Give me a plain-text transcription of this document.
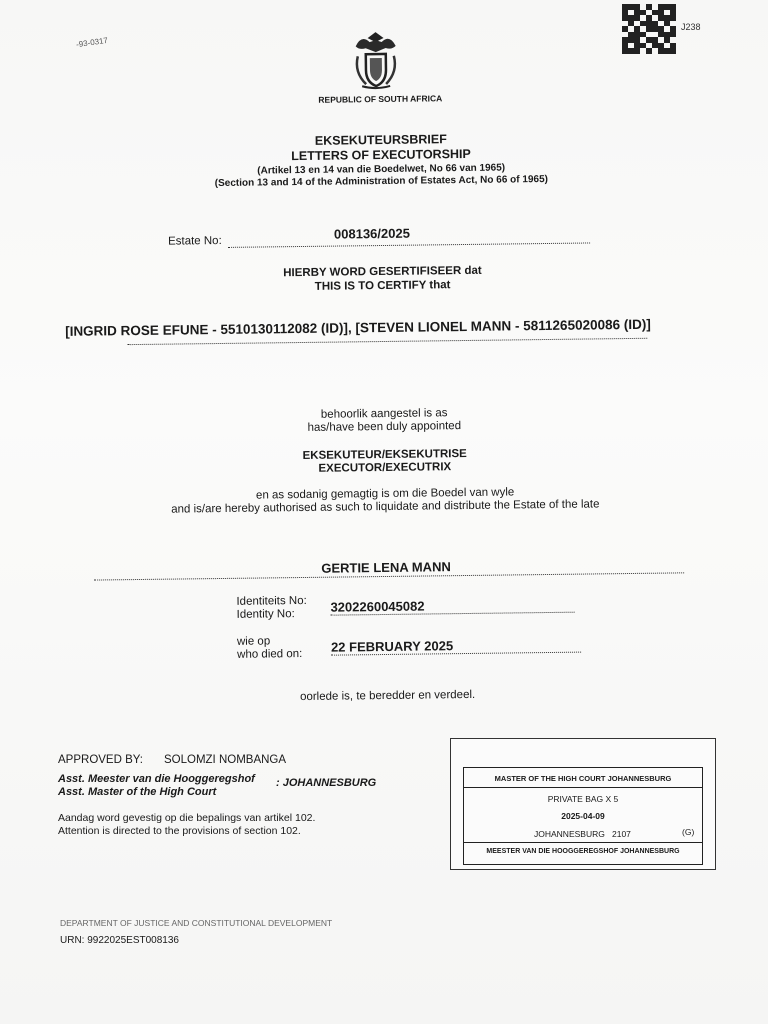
-93-0317
J238
REPUBLIC OF SOUTH AFRICA
EKSEKUTEURSBRIEF
LETTERS OF EXECUTORSHIP
(Artikel 13 en 14 van die Boedelwet, No 66 van 1965)
(Section 13 and 14 of the Administration of Estates Act, No 66 of 1965)
Estate No:	008136/2025
HIERBY WORD GESERTIFISEER dat
THIS IS TO CERTIFY that
[INGRID ROSE EFUNE - 5510130112082 (ID)], [STEVEN LIONEL MANN - 5811265020086 (ID)]
behoorlik aangestel is as
has/have been duly appointed
EKSEKUTEUR/EKSEKUTRISE
EXECUTOR/EXECUTRIX
en as sodanig gemagtig is om die Boedel van wyle
and is/are hereby authorised as such to liquidate and distribute the Estate of the late
GERTIE LENA MANN
Identiteits No:
Identity No:	3202260045082
wie op
who died on: 22 FEBRUARY 2025
oorlede is, te beredder en verdeel.
APPROVED BY: SOLOMZI NOMBANGA
Asst. Meester van die Hooggeregshof
Asst. Master of the High Court
: JOHANNESBURG
Aandag word gevestig op die bepalings van artikel 102.
Attention is directed to the provisions of section 102.
MASTER OF THE HIGH COURT JOHANNESBURG
PRIVATE BAG X 5
2025-04-09
JOHANNESBURG 2107	(G)
MEESTER VAN DIE HOOGGEREGSHOF JOHANNESBURG
DEPARTMENT OF JUSTICE AND CONSTITUTIONAL DEVELOPMENT
URN: 9922025EST008136
